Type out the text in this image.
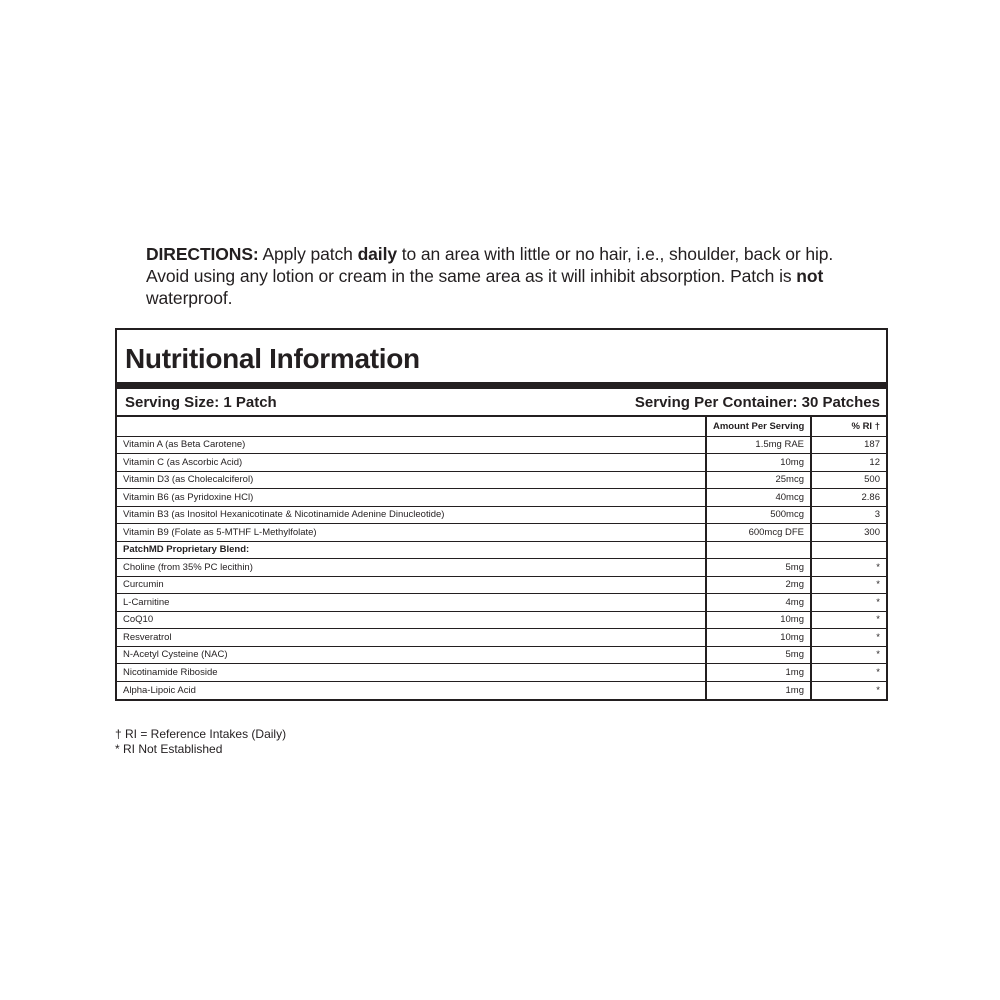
DIRECTIONS: Apply patch daily to an area with little or no hair, i.e., shoulder, back or hip. Avoid using any lotion or cream in the same area as it will inhibit absorption. Patch is not waterproof.
Nutritional Information
Serving Size: 1 Patch	Serving Per Container: 30 Patches
	Amount Per Serving	% RI †
Vitamin A (as Beta Carotene)	1.5mg RAE	187
Vitamin C (as Ascorbic Acid)	10mg	12
Vitamin D3 (as Cholecalciferol)	25mcg	500
Vitamin B6 (as Pyridoxine HCl)	40mcg	2.86
Vitamin B3 (as Inositol Hexanicotinate & Nicotinamide Adenine Dinucleotide)	500mcg	3
Vitamin B9 (Folate as 5-MTHF L-Methylfolate)	600mcg DFE	300
PatchMD Proprietary Blend:		
Choline (from 35% PC lecithin)	5mg	*
Curcumin	2mg	*
L-Carnitine	4mg	*
CoQ10	10mg	*
Resveratrol	10mg	*
N-Acetyl Cysteine (NAC)	5mg	*
Nicotinamide Riboside	1mg	*
Alpha-Lipoic Acid	1mg	*
† RI = Reference Intakes (Daily)
* RI Not Established
